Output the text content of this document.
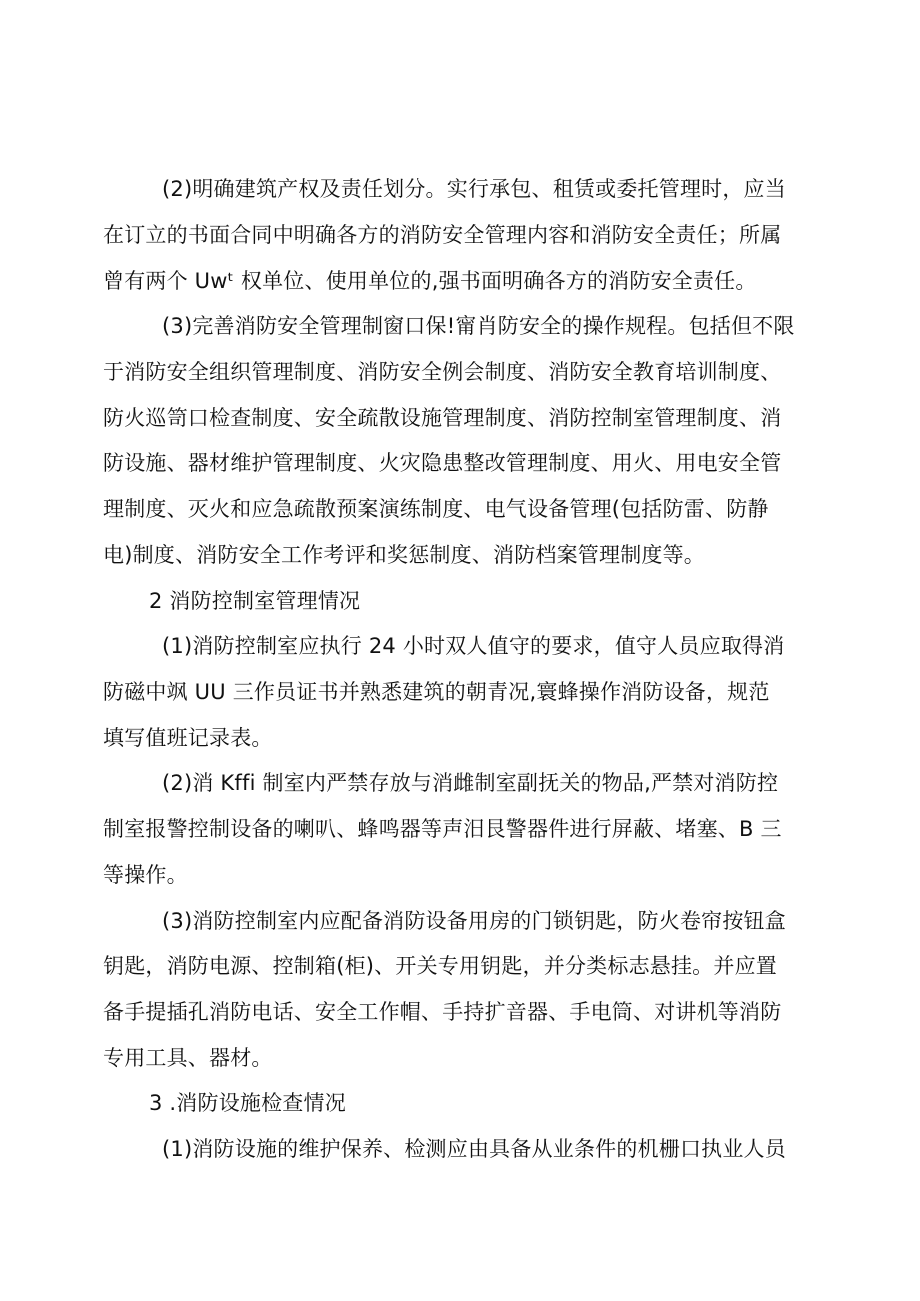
(2)明确建筑产权及责任划分。实行承包、租赁或委托管理时，应当
在订立的书面合同中明确各方的消防安全管理内容和消防安全责任；所属
曾有两个 Uwᵗ 权单位、使用单位的,强书面明确各方的消防安全责任。
(3)完善消防安全管理制窗口保!甯肖防安全的操作规程。包括但不限
于消防安全组织管理制度、消防安全例会制度、消防安全教育培训制度、
防火巡笥口检查制度、安全疏散设施管理制度、消防控制室管理制度、消
防设施、器材维护管理制度、火灾隐患整改管理制度、用火、用电安全管
理制度、灭火和应急疏散预案演练制度、电气设备管理(包括防雷、防静
电)制度、消防安全工作考评和奖惩制度、消防档案管理制度等。
2 消防控制室管理情况
(1)消防控制室应执行 24 小时双人值守的要求，值守人员应取得消
防磁中飒 UU 三作员证书并熟悉建筑的朝青况,寰蜂操作消防设备，规范
填写值班记录表。
(2)消 Kffi 制室内严禁存放与消雌制室副抚关的物品,严禁对消防控
制室报警控制设备的喇叭、蜂鸣器等声汨艮警器件进行屏蔽、堵塞、B 三
等操作。
(3)消防控制室内应配备消防设备用房的门锁钥匙，防火卷帘按钮盒
钥匙，消防电源、控制箱(柜)、开关专用钥匙，并分类标志悬挂。并应置
备手提插孔消防电话、安全工作帽、手持扩音器、手电筒、对讲机等消防
专用工具、器材。
3 .消防设施检查情况
(1)消防设施的维护保养、检测应由具备从业条件的机栅口执业人员
